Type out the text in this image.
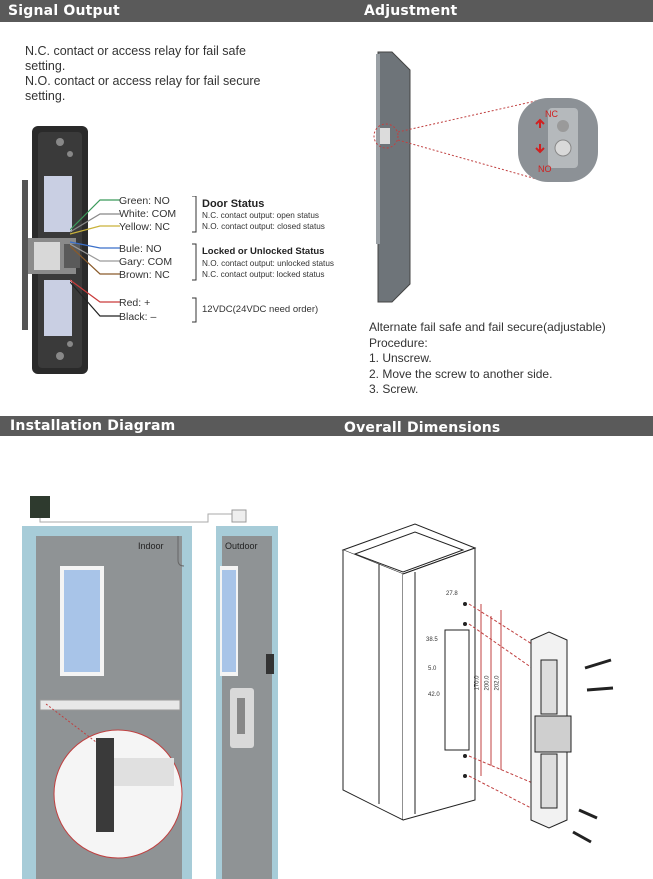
Signal Output	Adjustment
N.C. contact or access relay for fail safe
setting.
N.O. contact or access relay for fail secure
setting.
Green: NO
White: COM
Yellow: NC
Bule: NO
Gary: COM
Brown: NC
Red: +
Black: –
Door Status
N.C. contact output: open status
N.O. contact output: closed status
Locked or Unlocked Status
N.O. contact output: unlocked status
N.C. contact output: locked status
12VDC(24VDC need order)
NC
NO
Alternate fail safe and fail secure(adjustable)
Procedure:
1. Unscrew.
2. Move the screw to another side.
3. Screw.
Installation Diagram	Overall Dimensions
Indoor	Outdoor
27.8
38.5
5.0
42.0
170.0 200.0 202.0
